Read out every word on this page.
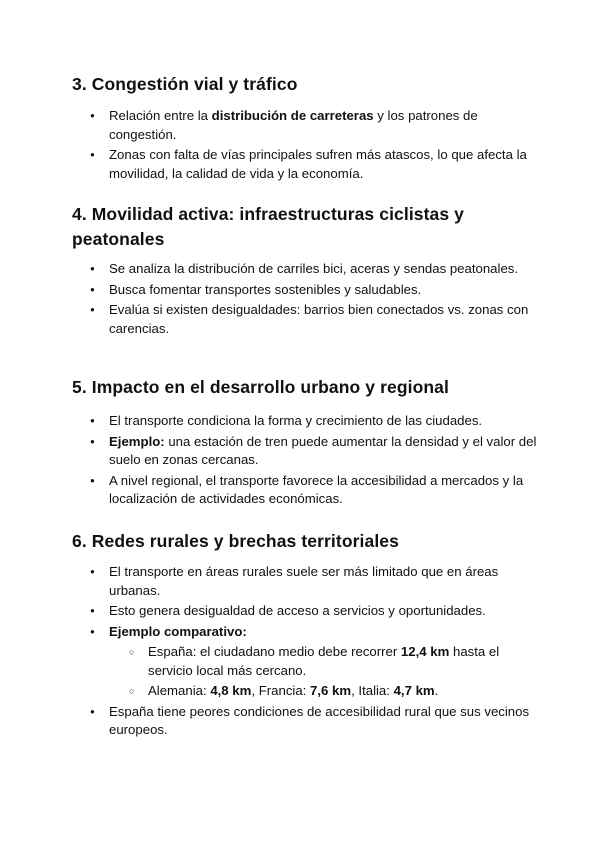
3. Congestión vial y tráfico
● Relación entre la distribución de carreteras y los patrones de congestión.
● Zonas con falta de vías principales sufren más atascos, lo que afecta la movilidad, la calidad de vida y la economía.
4. Movilidad activa: infraestructuras ciclistas y peatonales
● Se analiza la distribución de carriles bici, aceras y sendas peatonales.
● Busca fomentar transportes sostenibles y saludables.
● Evalúa si existen desigualdades: barrios bien conectados vs. zonas con carencias.
5. Impacto en el desarrollo urbano y regional
● El transporte condiciona la forma y crecimiento de las ciudades.
● Ejemplo: una estación de tren puede aumentar la densidad y el valor del suelo en zonas cercanas.
● A nivel regional, el transporte favorece la accesibilidad a mercados y la localización de actividades económicas.
6. Redes rurales y brechas territoriales
● El transporte en áreas rurales suele ser más limitado que en áreas urbanas.
● Esto genera desigualdad de acceso a servicios y oportunidades.
● Ejemplo comparativo:
○ España: el ciudadano medio debe recorrer 12,4 km hasta el servicio local más cercano.
○ Alemania: 4,8 km, Francia: 7,6 km, Italia: 4,7 km.
● España tiene peores condiciones de accesibilidad rural que sus vecinos europeos.
